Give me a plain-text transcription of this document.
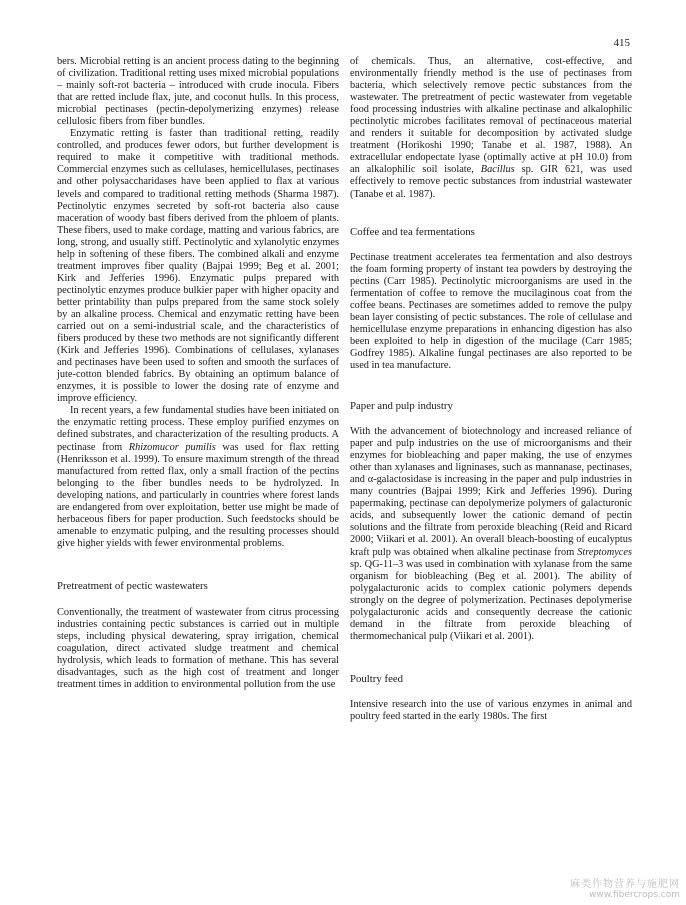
415

bers. Microbial retting is an ancient process dating to the beginning of civilization. Traditional retting uses mixed microbial populations – mainly soft-rot bacteria – introduced with crude inocula. Fibers that are retted include flax, jute, and coconut hulls. In this process, microbial pectinases (pectin-depolymerizing enzymes) release cellulosic fibers from fiber bundles.

Enzymatic retting is faster than traditional retting, readily controlled, and produces fewer odors, but further development is required to make it competitive with traditional methods. Commercial enzymes such as cellulases, hemicellulases, pectinases and other polysaccharidases have been applied to flax at various levels and compared to traditional retting methods (Sharma 1987). Pectinolytic enzymes secreted by soft-rot bacteria also cause maceration of woody bast fibers derived from the phloem of plants. These fibers, used to make cordage, matting and various fabrics, are long, strong, and usually stiff. Pectinolytic and xylanolytic enzymes help in softening of these fibers. The combined alkali and enzyme treatment improves fiber quality (Bajpai 1999; Beg et al. 2001; Kirk and Jefferies 1996). Enzymatic pulps prepared with pectinolytic enzymes produce bulkier paper with higher opacity and better printability than pulps prepared from the same stock solely by an alkaline process. Chemical and enzymatic retting have been carried out on a semi-industrial scale, and the characteristics of fibers produced by these two methods are not significantly different (Kirk and Jefferies 1996). Combinations of cellulases, xylanases and pectinases have been used to soften and smooth the surfaces of jute-cotton blended fabrics. By obtaining an optimum balance of enzymes, it is possible to lower the dosing rate of enzyme and improve efficiency.

In recent years, a few fundamental studies have been initiated on the enzymatic retting process. These employ purified enzymes on defined substrates, and characterization of the resulting products. A pectinase from Rhizomucor pumilis was used for flax retting (Henriksson et al. 1999). To ensure maximum strength of the thread manufactured from retted flax, only a small fraction of the pectins belonging to the fiber bundles needs to be hydrolyzed. In developing nations, and particularly in countries where forest lands are endangered from over exploitation, better use might be made of herbaceous fibers for paper production. Such feedstocks should be amenable to enzymatic pulping, and the resulting processes should give higher yields with fewer environmental problems.

Pretreatment of pectic wastewaters

Conventionally, the treatment of wastewater from citrus processing industries containing pectic substances is carried out in multiple steps, including physical dewatering, spray irrigation, chemical coagulation, direct activated sludge treatment and chemical hydrolysis, which leads to formation of methane. This has several disadvantages, such as the high cost of treatment and longer treatment times in addition to environmental pollution from the use

of chemicals. Thus, an alternative, cost-effective, and environmentally friendly method is the use of pectinases from bacteria, which selectively remove pectic substances from the wastewater. The pretreatment of pectic wastewater from vegetable food processing industries with alkaline pectinase and alkalophilic pectinolytic microbes facilitates removal of pectinaceous material and renders it suitable for decomposition by activated sludge treatment (Horikoshi 1990; Tanabe et al. 1987, 1988). An extracellular endopectate lyase (optimally active at pH 10.0) from an alkalophilic soil isolate, Bacillus sp. GIR 621, was used effectively to remove pectic substances from industrial wastewater (Tanabe et al. 1987).

Coffee and tea fermentations

Pectinase treatment accelerates tea fermentation and also destroys the foam forming property of instant tea powders by destroying the pectins (Carr 1985). Pectinolytic microorganisms are used in the fermentation of coffee to remove the mucilaginous coat from the coffee beans. Pectinases are sometimes added to remove the pulpy bean layer consisting of pectic substances. The role of cellulase and hemicellulase enzyme preparations in enhancing digestion has also been exploited to help in digestion of the mucilage (Carr 1985; Godfrey 1985). Alkaline fungal pectinases are also reported to be used in tea manufacture.

Paper and pulp industry

With the advancement of biotechnology and increased reliance of paper and pulp industries on the use of microorganisms and their enzymes for biobleaching and paper making, the use of enzymes other than xylanases and ligninases, such as mannanase, pectinases, and α-galactosidase is increasing in the paper and pulp industries in many countries (Bajpai 1999; Kirk and Jefferies 1996). During papermaking, pectinase can depolymerize polymers of galacturonic acids, and subsequently lower the cationic demand of pectin solutions and the filtrate from peroxide bleaching (Reid and Ricard 2000; Viikari et al. 2001). An overall bleach-boosting of eucalyptus kraft pulp was obtained when alkaline pectinase from Streptomyces sp. QG-11–3 was used in combination with xylanase from the same organism for biobleaching (Beg et al. 2001). The ability of polygalacturonic acids to complex cationic polymers depends strongly on the degree of polymerization. Pectinases depolymerise polygalacturonic acids and consequently decrease the cationic demand in the filtrate from peroxide bleaching of thermomechanical pulp (Viikari et al. 2001).

Poultry feed

Intensive research into the use of various enzymes in animal and poultry feed started in the early 1980s. The first

麻类作物营养与施肥网
www.fibercrops.com
